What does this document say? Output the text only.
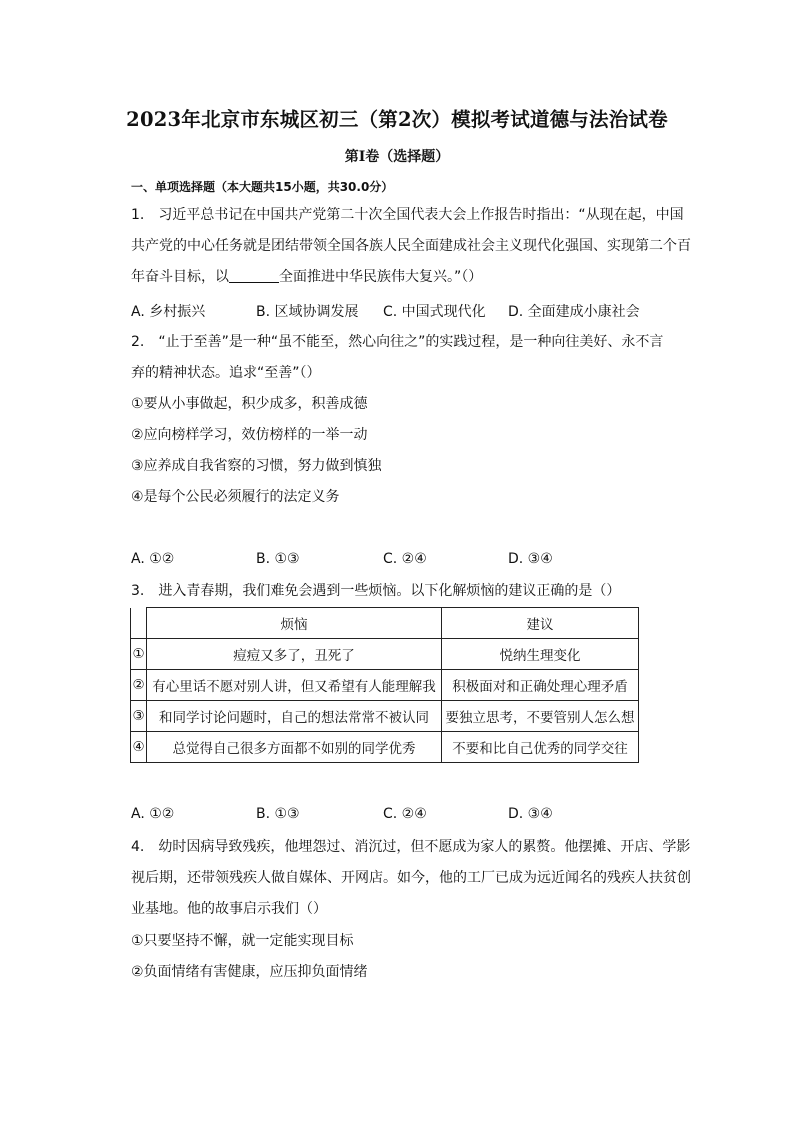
2023年北京市东城区初三（第2次）模拟考试道德与法治试卷
第I卷（选择题）
一、单项选择题（本大题共15小题，共30.0分）
1.　习近平总书记在中国共产党第二十次全国代表大会上作报告时指出：“从现在起，中国
共产党的中心任务就是团结带领全国各族人民全面建成社会主义现代化强国、实现第二个百
年奋斗目标，以	全面推进中华民族伟大复兴。”（）
A. 乡村振兴	B. 区域协调发展 C. 中国式现代化 D. 全面建成小康社会
2.　“止于至善”是一种“虽不能至，然心向往之”的实践过程，是一种向往美好、永不言
弃的精神状态。追求“至善”（）
①要从小事做起，积少成多，积善成德
②应向榜样学习，效仿榜样的一举一动
③应养成自我省察的习惯，努力做到慎独
④是每个公民必须履行的法定义务
A. ①②	B. ①③	C. ②④	D. ③④
3.　进入青春期，我们难免会遇到一些烦恼。以下化解烦恼的建议正确的是（）
	烦恼	建议
①	痘痘又多了，丑死了	悦纳生理变化
②	有心里话不愿对别人讲，但又希望有人能理解我	积极面对和正确处理心理矛盾
③	和同学讨论问题时，自己的想法常常不被认同	要独立思考，不要管别人怎么想
④	总觉得自己很多方面都不如别的同学优秀	不要和比自己优秀的同学交往
A. ①②	B. ①③	C. ②④	D. ③④
4.　幼时因病导致残疾，他埋怨过、消沉过，但不愿成为家人的累赘。他摆摊、开店、学影
视后期，还带领残疾人做自媒体、开网店。如今，他的工厂已成为远近闻名的残疾人扶贫创
业基地。他的故事启示我们（）
①只要坚持不懈，就一定能实现目标
②负面情绪有害健康，应压抑负面情绪
